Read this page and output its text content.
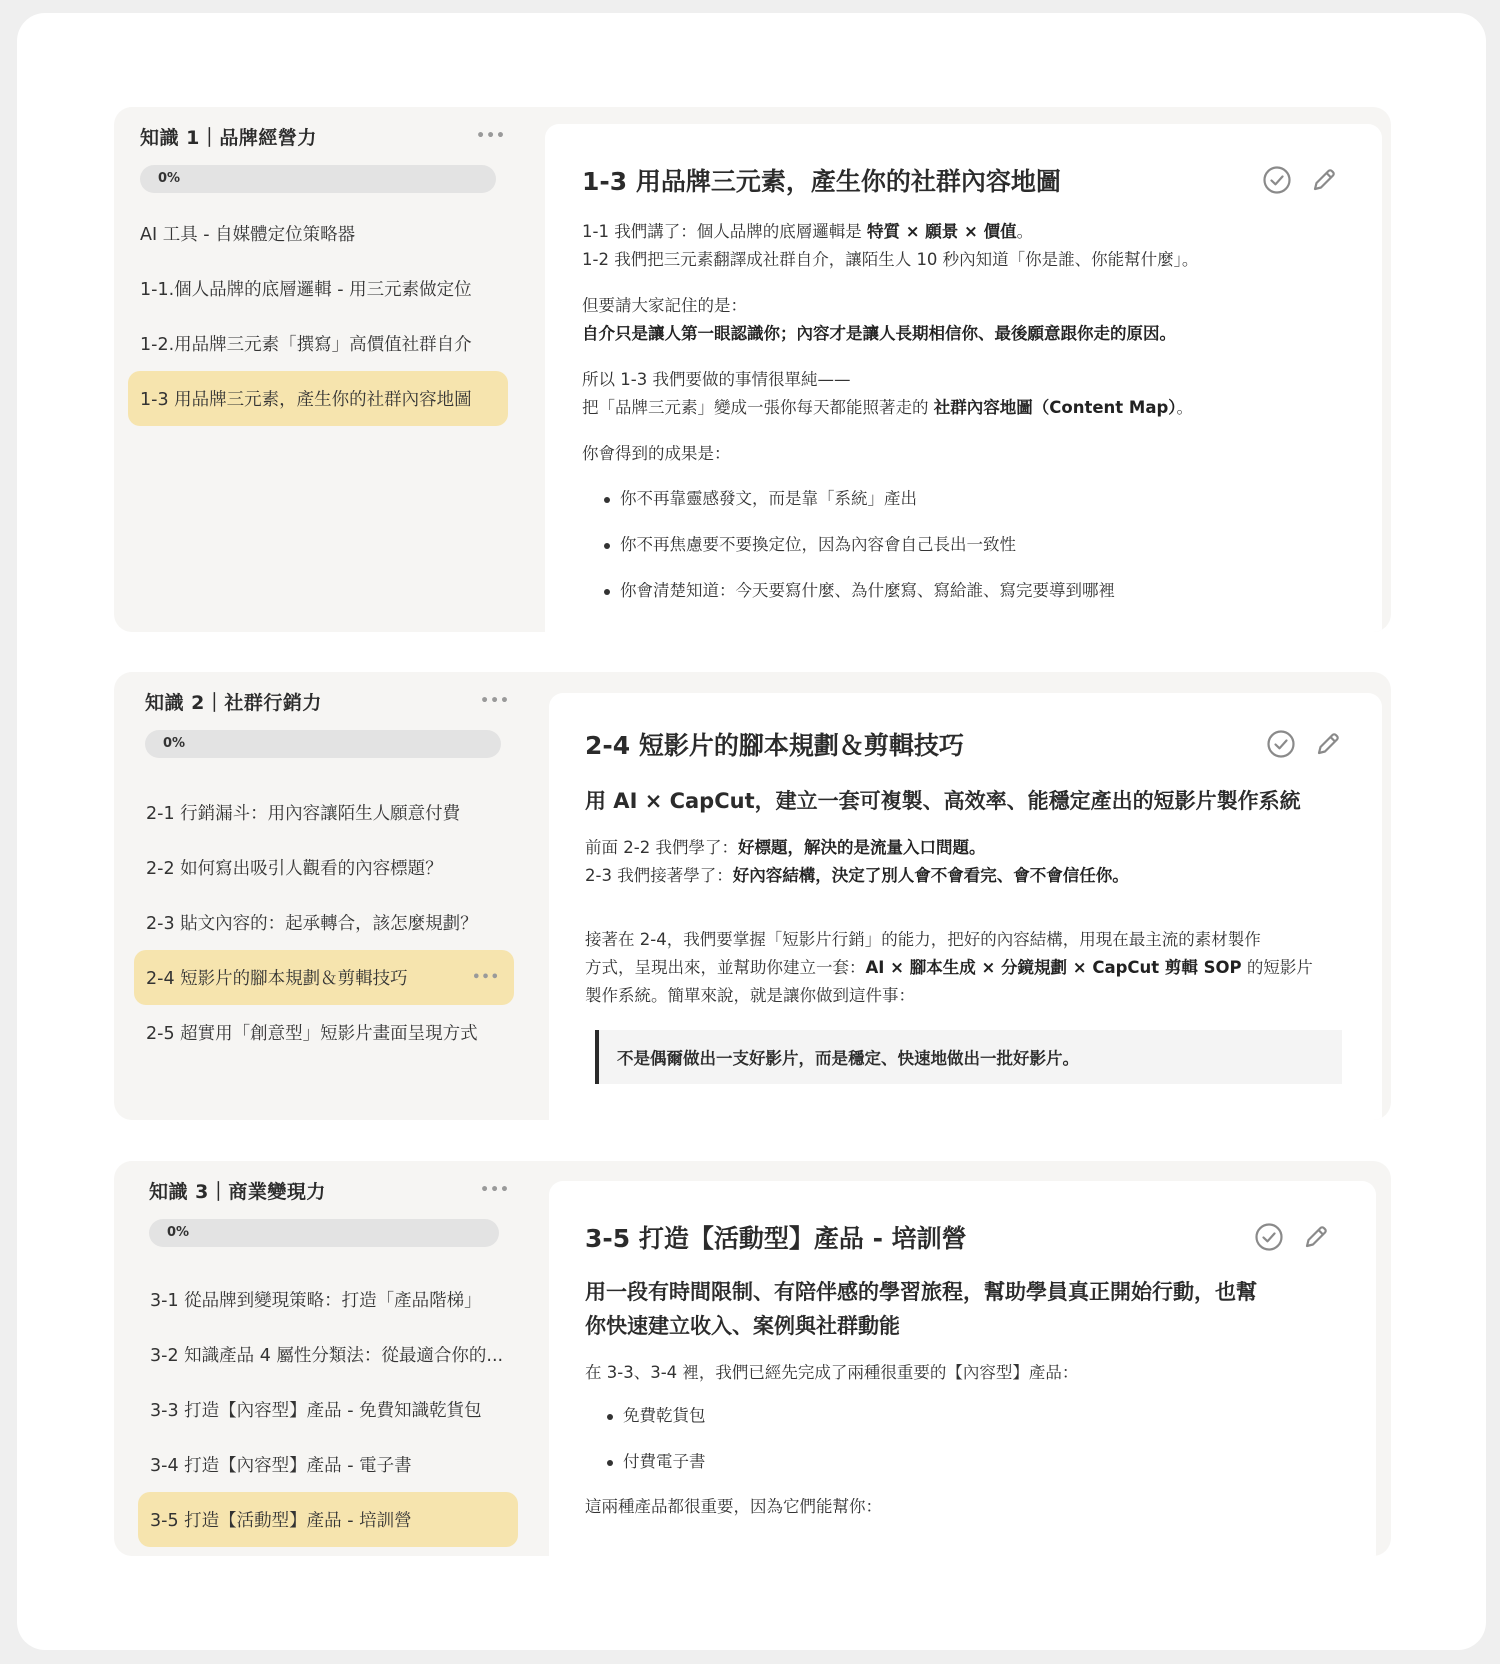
知識 1｜品牌經營力	•••
0%
AI 工具 - 自媒體定位策略器
1-1.個人品牌的底層邏輯 - 用三元素做定位
1-2.用品牌三元素「撰寫」高價值社群自介
1-3 用品牌三元素，產生你的社群內容地圖
1-3 用品牌三元素，產生你的社群內容地圖

1-1 我們講了：個人品牌的底層邏輯是 特質 × 願景 × 價值。
1-2 我們把三元素翻譯成社群自介，讓陌生人 10 秒內知道「你是誰、你能幫什麼」。

但要請大家記住的是：
自介只是讓人第一眼認識你；內容才是讓人長期相信你、最後願意跟你走的原因。

所以 1-3 我們要做的事情很單純——
把「品牌三元素」變成一張你每天都能照著走的 社群內容地圖（Content Map）。

你會得到的成果是：

你不再靠靈感發文，而是靠「系統」產出
你不再焦慮要不要換定位，因為內容會自己長出一致性
你會清楚知道：今天要寫什麼、為什麼寫、寫給誰、寫完要導到哪裡
知識 2｜社群行銷力	•••
0%
2-1 行銷漏斗：用內容讓陌生人願意付費
2-2 如何寫出吸引人觀看的內容標題？
2-3 貼文內容的：起承轉合，該怎麼規劃？
2-4 短影片的腳本規劃＆剪輯技巧	•••
2-5 超實用「創意型」短影片畫面呈現方式
2-4 短影片的腳本規劃＆剪輯技巧
用 AI × CapCut，建立一套可複製、高效率、能穩定產出的短影片製作系統

前面 2-2 我們學了：好標題，解決的是流量入口問題。
2-3 我們接著學了：好內容結構，決定了別人會不會看完、會不會信任你。

接著在 2-4，我們要掌握「短影片行銷」的能力，把好的內容結構，用現在最主流的素材製作
方式，呈現出來，並幫助你建立一套：AI × 腳本生成 × 分鏡規劃 × CapCut 剪輯 SOP 的短影片
製作系統。簡單來說，就是讓你做到這件事：

不是偶爾做出一支好影片，而是穩定、快速地做出一批好影片。
知識 3｜商業變現力	•••
0%
3-1 從品牌到變現策略：打造「產品階梯」
3-2 知識產品 4 屬性分類法：從最適合你的...
3-3 打造【內容型】產品 - 免費知識乾貨包
3-4 打造【內容型】產品 - 電子書
3-5 打造【活動型】產品 - 培訓營
3-5 打造【活動型】產品 - 培訓營
用一段有時間限制、有陪伴感的學習旅程，幫助學員真正開始行動，也幫
你快速建立收入、案例與社群動能

在 3-3、3-4 裡，我們已經先完成了兩種很重要的【內容型】產品：

免費乾貨包
付費電子書

這兩種產品都很重要，因為它們能幫你：
